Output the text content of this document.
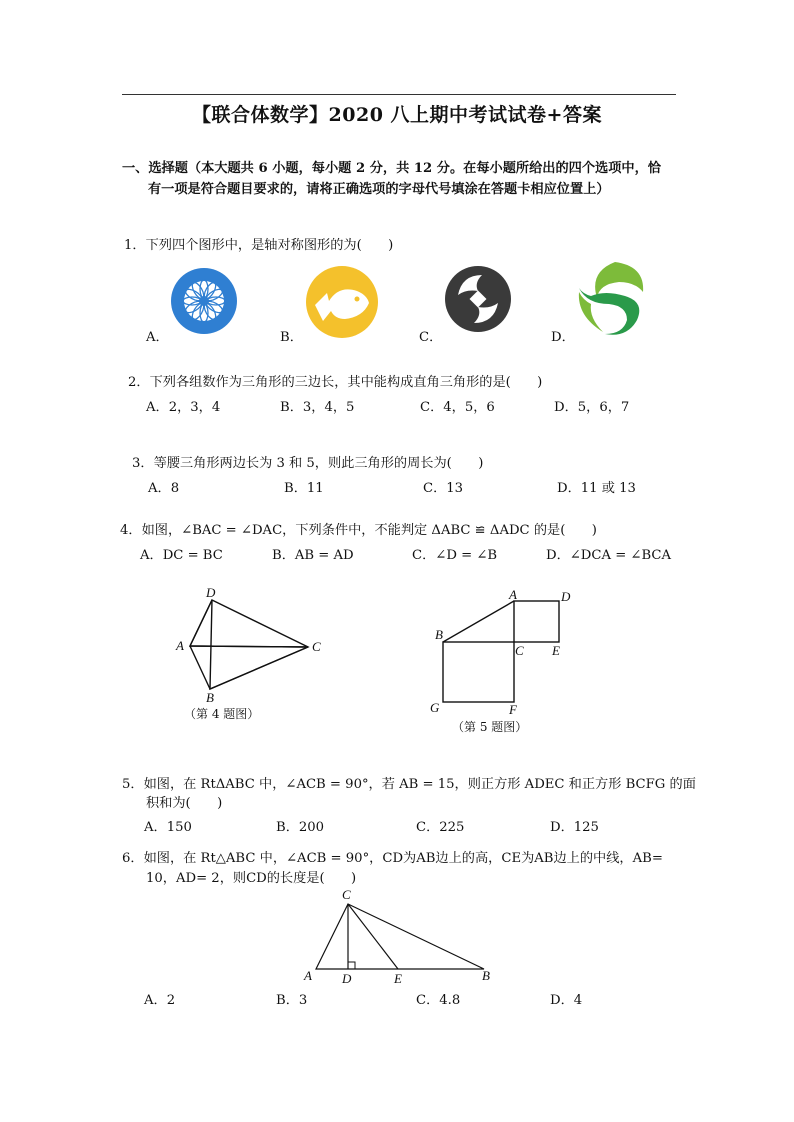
【联合体数学】2020 八上期中考试试卷+答案
一、选择题（本大题共 6 小题，每小题 2 分，共 12 分。在每小题所给出的四个选项中，恰
有一项是符合题目要求的，请将正确选项的字母代号填涂在答题卡相应位置上）
1．下列四个图形中，是轴对称图形的为(　　)
A．	B．	C．	D．
2．下列各组数作为三角形的三边长，其中能构成直角三角形的是(　　)
A．2，3，4	B．3，4，5	C．4，5，6	D．5，6，7
3．等腰三角形两边长为 3 和 5，则此三角形的周长为(　　)
A．8	B．11	C．13	D．11 或 13
4．如图，∠BAC = ∠DAC，下列条件中，不能判定 ΔABC ≌ ΔADC 的是(　　)
A．DC = BC	B．AB = AD	C．∠D = ∠B	D．∠DCA = ∠BCA
D
A	C
B
（第 4 题图）
A	D
B
C E
G	F
（第 5 题图）
5．如图，在 RtΔABC 中，∠ACB = 90°，若 AB = 15，则正方形 ADEC 和正方形 BCFG 的面
积和为(　　)
A．150	B．200	C．225	D．125
6．如图，在 Rt△ABC 中，∠ACB = 90°，CD为AB边上的高，CE为AB边上的中线，AB=
10，AD= 2，则CD的长度是(　　)
C
A D	E	B
A．2	B．3	C．4.8	D．4
